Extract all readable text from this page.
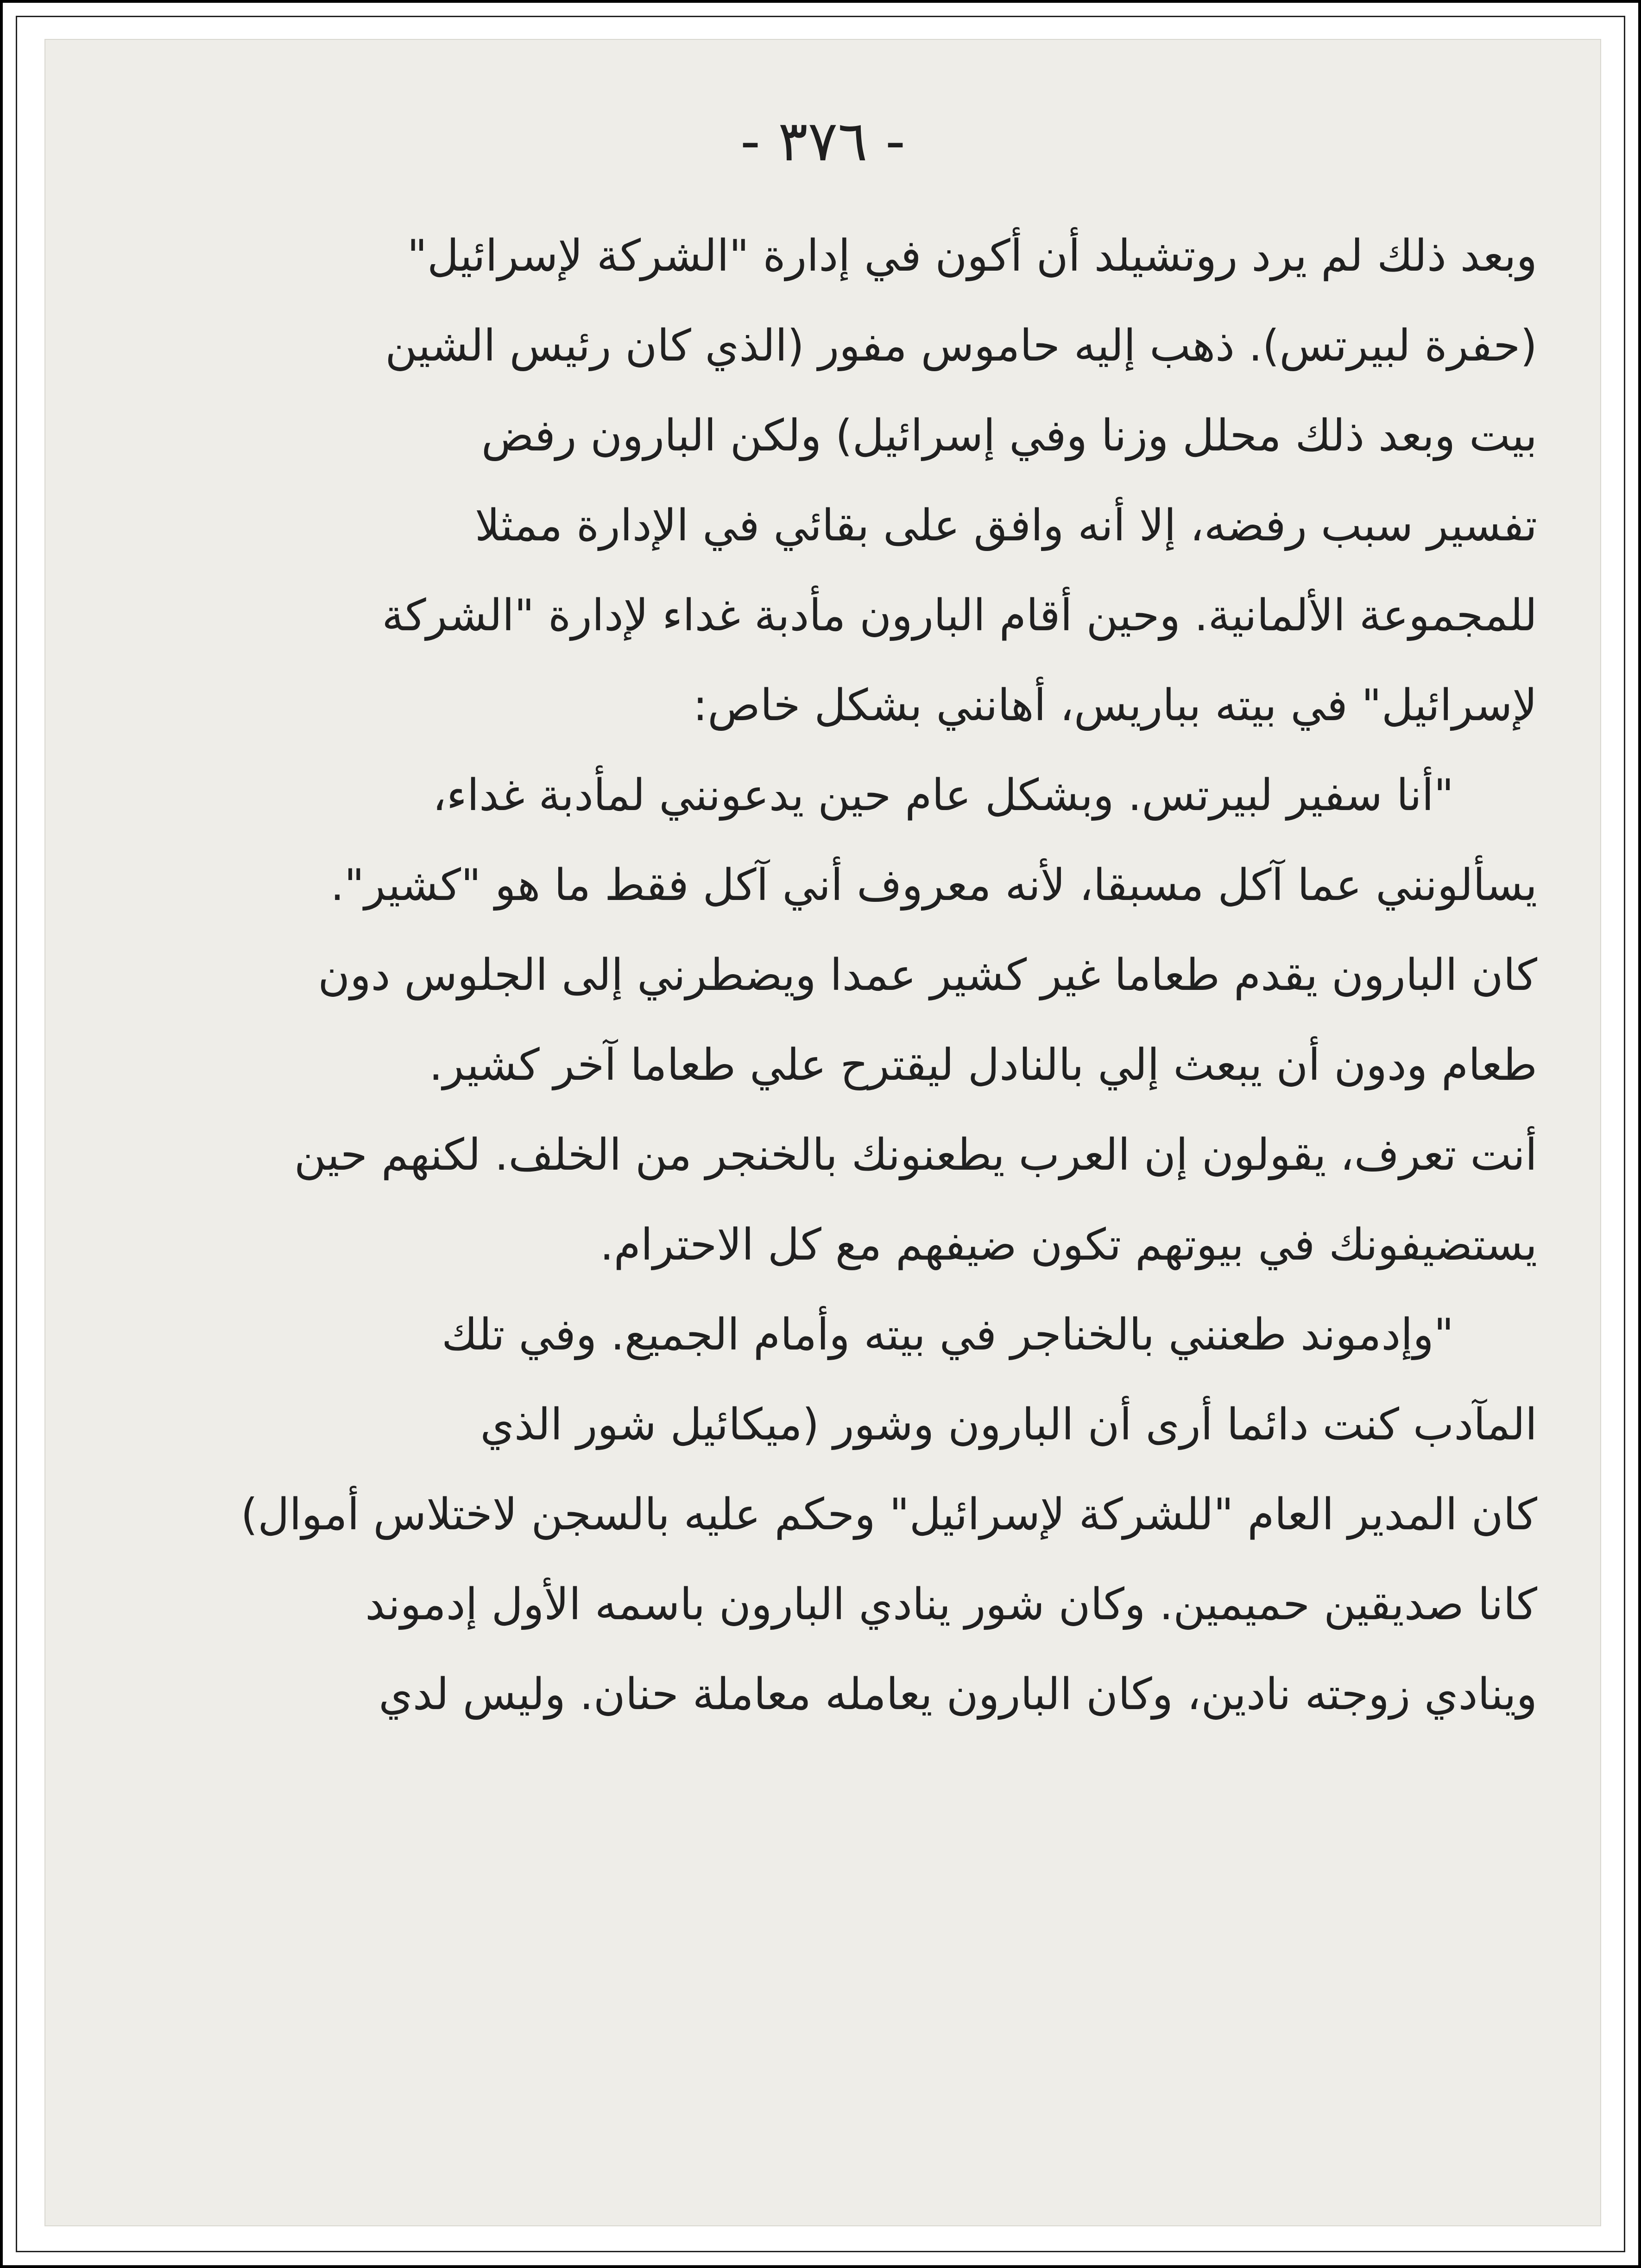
- ٣٧٦ -
وبعد ذلك لم يرد روتشيلد أن أكون في إدارة "الشركة لإسرائيل"
(حفرة لبيرتس). ذهب إليه حاموس مفور (الذي كان رئيس الشين
بيت وبعد ذلك محلل وزنا وفي إسرائيل) ولكن البارون رفض
تفسير سبب رفضه، إلا أنه وافق على بقائي في الإدارة ممثلا
للمجموعة الألمانية. وحين أقام البارون مأدبة غداء لإدارة "الشركة
لإسرائيل" في بيته بباريس، أهانني بشكل خاص:
"أنا سفير لبيرتس. وبشكل عام حين يدعونني لمأدبة غداء،
يسألونني عما آكل مسبقا، لأنه معروف أني آكل فقط ما هو "كشير".
كان البارون يقدم طعاما غير كشير عمدا ويضطرني إلى الجلوس دون
طعام ودون أن يبعث إلي بالنادل ليقترح علي طعاما آخر كشير.
أنت تعرف، يقولون إن العرب يطعنونك بالخنجر من الخلف. لكنهم حين
يستضيفونك في بيوتهم تكون ضيفهم مع كل الاحترام.
"وإدموند طعنني بالخناجر في بيته وأمام الجميع. وفي تلك
المآدب كنت دائما أرى أن البارون وشور (ميكائيل شور الذي
كان المدير العام "للشركة لإسرائيل" وحكم عليه بالسجن لاختلاس أموال)
كانا صديقين حميمين. وكان شور ينادي البارون باسمه الأول إدموند
وينادي زوجته نادين، وكان البارون يعامله معاملة حنان. وليس لدي
